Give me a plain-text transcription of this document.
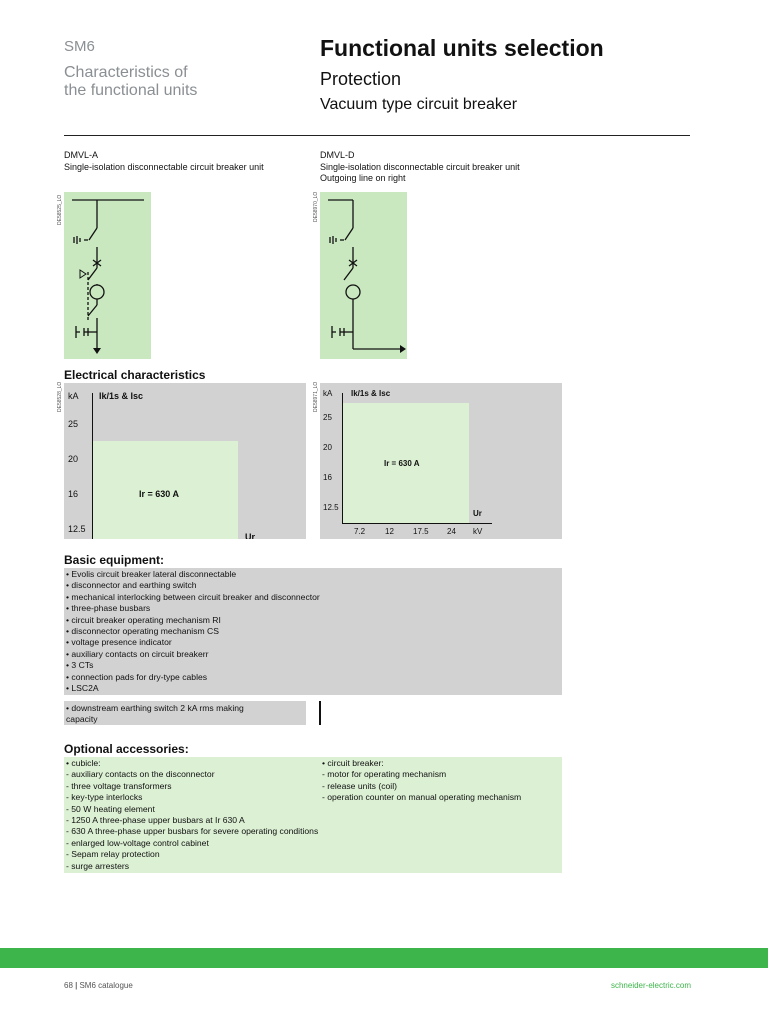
SM6
Characteristics of
the functional units
Functional units selection
Protection
Vacuum type circuit breaker
DMVL-A
Single-isolation disconnectable circuit breaker unit
DMVL-D
Single-isolation disconnectable circuit breaker unit
Outgoing line on right
DE58525_LO	DE58970_LO
Electrical characteristics
DE58528_LO	DE58971_LO
kA Ik/1s & Isc
25
20
16
12.5
Ir = 630 A
Ur
kA Ik/1s & Isc
25
20
16
12.5
Ir = 630 A
Ur
7.2 12 17.5 24 kV
Basic equipment:
• Evolis circuit breaker lateral disconnectable
• disconnector and earthing switch
• mechanical interlocking between circuit breaker and disconnector
• three-phase busbars
• circuit breaker operating mechanism RI
• disconnector operating mechanism CS
• voltage presence indicator
• auxiliary contacts on circuit breakerr
• 3 CTs
• connection pads for dry-type cables
• LSC2A
• downstream earthing switch 2 kA rms making
capacity
Optional accessories:
• cubicle:
- auxiliary contacts on the disconnector
- three voltage transformers
- key-type interlocks
- 50 W heating element
- 1250 A three-phase upper busbars at Ir 630 A
- 630 A three-phase upper busbars for severe operating conditions
- enlarged low-voltage control cabinet
- Sepam relay protection
- surge arresters
• circuit breaker:
- motor for operating mechanism
- release units (coil)
- operation counter on manual operating mechanism
68 | SM6 catalogue	schneider-electric.com
